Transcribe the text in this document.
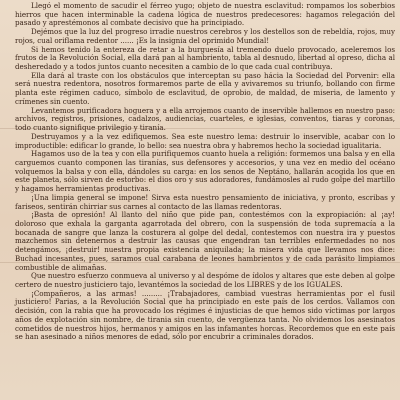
Llegó el momento de sacudir el férreo yugo; objeto de nuestra esclavitud: rompamos los soberbios hierros que hacen interminable la cadena lógica de nuestros predecesores: hagamos relegación del pasado y aprestémonos al combate decisivo que ha principiado.

Dejémos que la luz del progreso irradie nuestros cerebros y los destellos son de rebeldía, rojos, muy rojos, cual oriflama redentor ...... ¡Es la insignia del oprimido Mundial!

Si hemos tenido la entereza de retar a la burguesía al tremendo duelo provocado, aceleremos los frutos de la Revolución Social, ella dará pan al hambriento, tabla al desnudo, libertad al opreso, dicha al desheredado y a todos juntos cuanto necesiten a cambio de lo que cada cual contribuya.

Ella dará al traste con los obstáculos que interceptan su paso hácia la Sociedad del Porvenir: ella será nuestra redentora, nosotros formaremos parte de ella y avivaremos su triunfo, bollando con firme planta este régimen caduco, símbolo de esclavitud, de oprobio, de maldad, de miseria, de lamento y crímenes sin cuento.

Levantemos purificadora hoguera y a ella arrojemos cuanto de inservible hallemos en nuestro paso: archivos, registros, prisiones, cadalzos, audiencias, cuarteles, e iglesias, conventos, tiaras y coronas, todo cuanto signifique privilegio y tiranía.

Destruyamos y a la vez edifiquemos. Sea este nuestro lema: destruir lo inservible, acabar con lo improductible: edificar lo grande, lo bello: sea nuestra obra y habremos hecho la sociedad igualitaria.

Hagamos uso de la tea y con ella purifiquemos cuanto huela a religión: formemos una balsa y en ella carguemos cuanto componen las tiranías, sus defensores y accesorios, y una vez en medio del océano volquemos la balsa y con ella, dándoles su carga: en los senos de Neptáno, hallarán acogida los que en este planeta, sólo sirven de estorbo: el dios oro y sus adoradores, fundámosles al rudo golpe del martillo y hagamos herramientas productivas.

¡Una limpia general se impone! Sirva esta nuestro pensamiento de iniciativa, y pronto, escribas y fariseos, sentirán chirriar sus carnes al contacto de las llamas redentoras.

¡Basta de opresión! Al llanto del niño que pide pan, contestémos con la expropiación: al ¡ay! doloroso que exhala la garganta agarrotada del obrero, con la suspensión de toda supremacía a la bocanada de sangre que lanza la costurera al golpe del dedal, contestemos con nuestra ira y puestos mazchemos sin detenernos a destruir las causas que engendran tan terribles enfermedades no nos detengámos, ¡destruir! nuestra propia existencia aniquilada; la misera vida que llevamos nos dice: Buchad incesantes, pues, saramos cual carabana de leones hambrientos y de cada parásito limpiamos combustible de alimañas.

Que nuestro esfuerzo conmueva al universo y al despóme de ídolos y altares que este deben al golpe certero de nuestro justiciero tajo, levantémos la sociedad de los LIBRES y de los IGUALES.

¡Compañeros, a las armas! ......... ¡Trabajadores, cambiad vuestras herramientas por el fusil justiciero! Parias, a la Revolución Social que ha principiado en este país de los cerdos. Vallamos con decisión, con la rabia que ha provocado los régimes é injusticias de que hemos sido víctimas por largos años de explotación sin nombre, de tirania sin cuento, de vergüenza tanta. No olvidemos los asesinatos cometidos de nuestros hijos, hermanos y amigos en las infamantes horcas. Recordemos que en este país se han asesinado a niños menores de edad, sólo por encubrir a criminales dorados.
